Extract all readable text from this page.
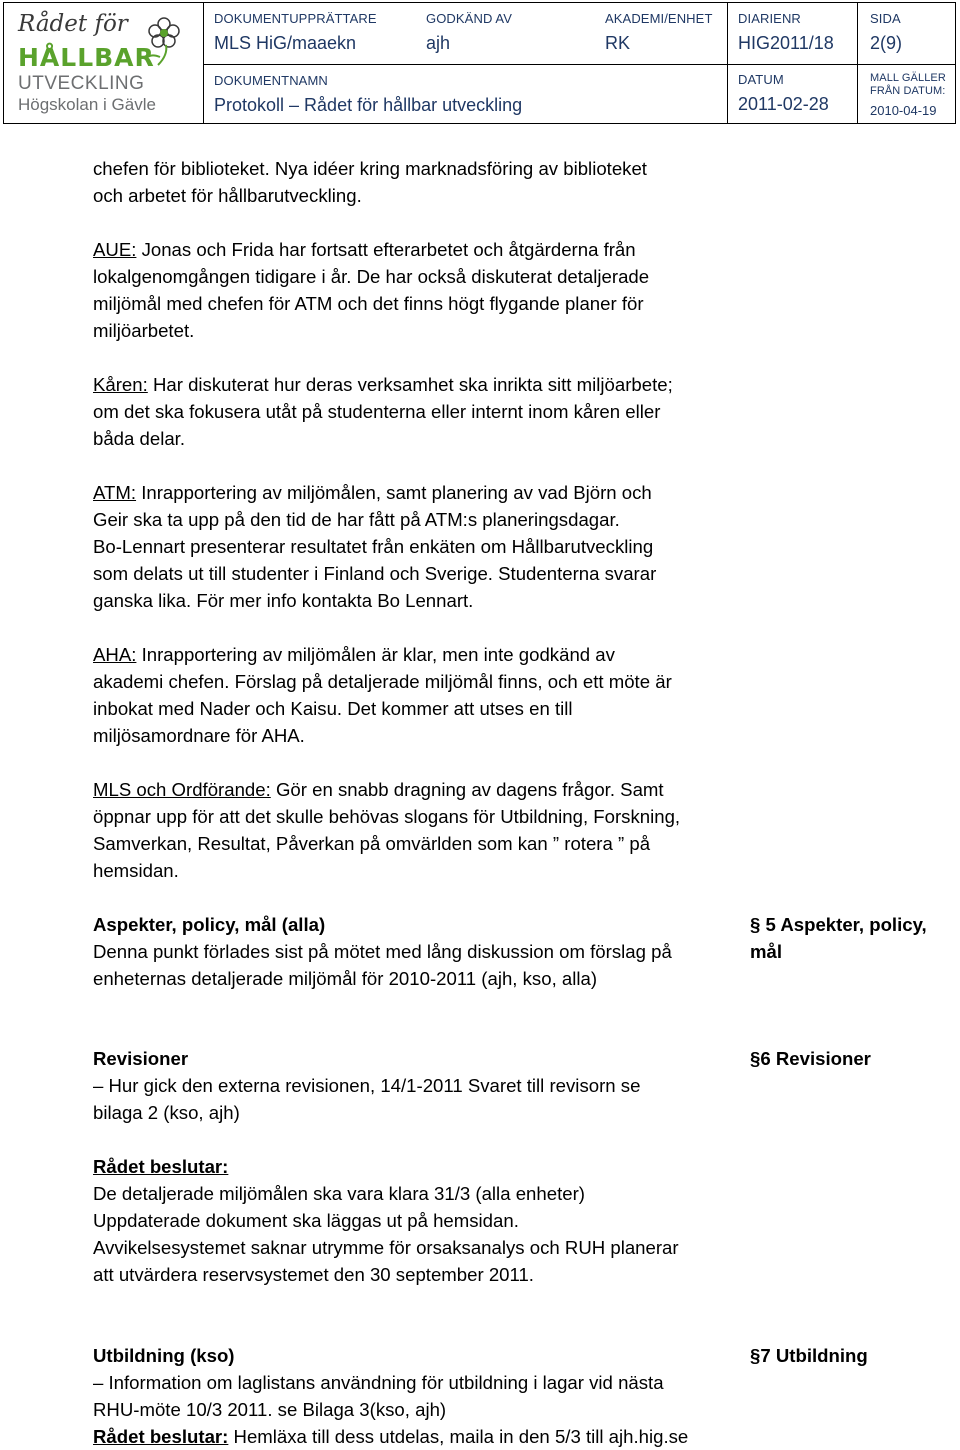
Rådet för
HÅLLBAR
UTVECKLING
Högskolan i Gävle
DOKUMENTUPPRÄTTARE
MLS HiG/maaekn
GODKÄND AV
ajh
AKADEMI/ENHET
RK
DIARIENR
HIG2011/18
SIDA
2(9)
DOKUMENTNAMN
Protokoll – Rådet för hållbar utveckling
DATUM
2011-02-28
MALL GÄLLER
FRÅN DATUM:
2010-04-19
chefen för biblioteket. Nya idéer kring marknadsföring av biblioteket
och arbetet för hållbarutveckling.
AUE: Jonas och Frida har fortsatt efterarbetet och åtgärderna från
lokalgenomgången tidigare i år. De har också diskuterat detaljerade
miljömål med chefen för ATM och det finns högt flygande planer för
miljöarbetet.
Kåren: Har diskuterat hur deras verksamhet ska inrikta sitt miljöarbete;
om det ska fokusera utåt på studenterna eller internt inom kåren eller
båda delar.
ATM: Inrapportering av miljömålen, samt planering av vad Björn och
Geir ska ta upp på den tid de har fått på ATM:s planeringsdagar.
Bo-Lennart presenterar resultatet från enkäten om Hållbarutveckling
som delats ut till studenter i Finland och Sverige. Studenterna svarar
ganska lika. För mer info kontakta Bo Lennart.
AHA: Inrapportering av miljömålen är klar, men inte godkänd av
akademi chefen. Förslag på detaljerade miljömål finns, och ett möte är
inbokat med Nader och Kaisu. Det kommer att utses en till
miljösamordnare för AHA.
MLS och Ordförande: Gör en snabb dragning av dagens frågor. Samt
öppnar upp för att det skulle behövas slogans för Utbildning, Forskning,
Samverkan, Resultat, Påverkan på omvärlden som kan ” rotera ” på
hemsidan.
Aspekter, policy, mål (alla)
Denna punkt förlades sist på mötet med lång diskussion om förslag på
enheternas detaljerade miljömål för 2010-2011 (ajh, kso, alla)
§ 5 Aspekter, policy,
mål
Revisioner
– Hur gick den externa revisionen, 14/1-2011 Svaret till revisorn se
bilaga 2 (kso, ajh)
§6 Revisioner
Rådet beslutar:
De detaljerade miljömålen ska vara klara 31/3 (alla enheter)
Uppdaterade dokument ska läggas ut på hemsidan.
Avvikelsesystemet saknar utrymme för orsaksanalys och RUH planerar
att utvärdera reservsystemet den 30 september 2011.
Utbildning (kso)
– Information om laglistans användning för utbildning i lagar vid nästa
RHU-möte 10/3 2011. se Bilaga 3(kso, ajh)
Rådet beslutar: Hemläxa till dess utdelas, maila in den 5/3 till ajh.hig.se
§7 Utbildning
